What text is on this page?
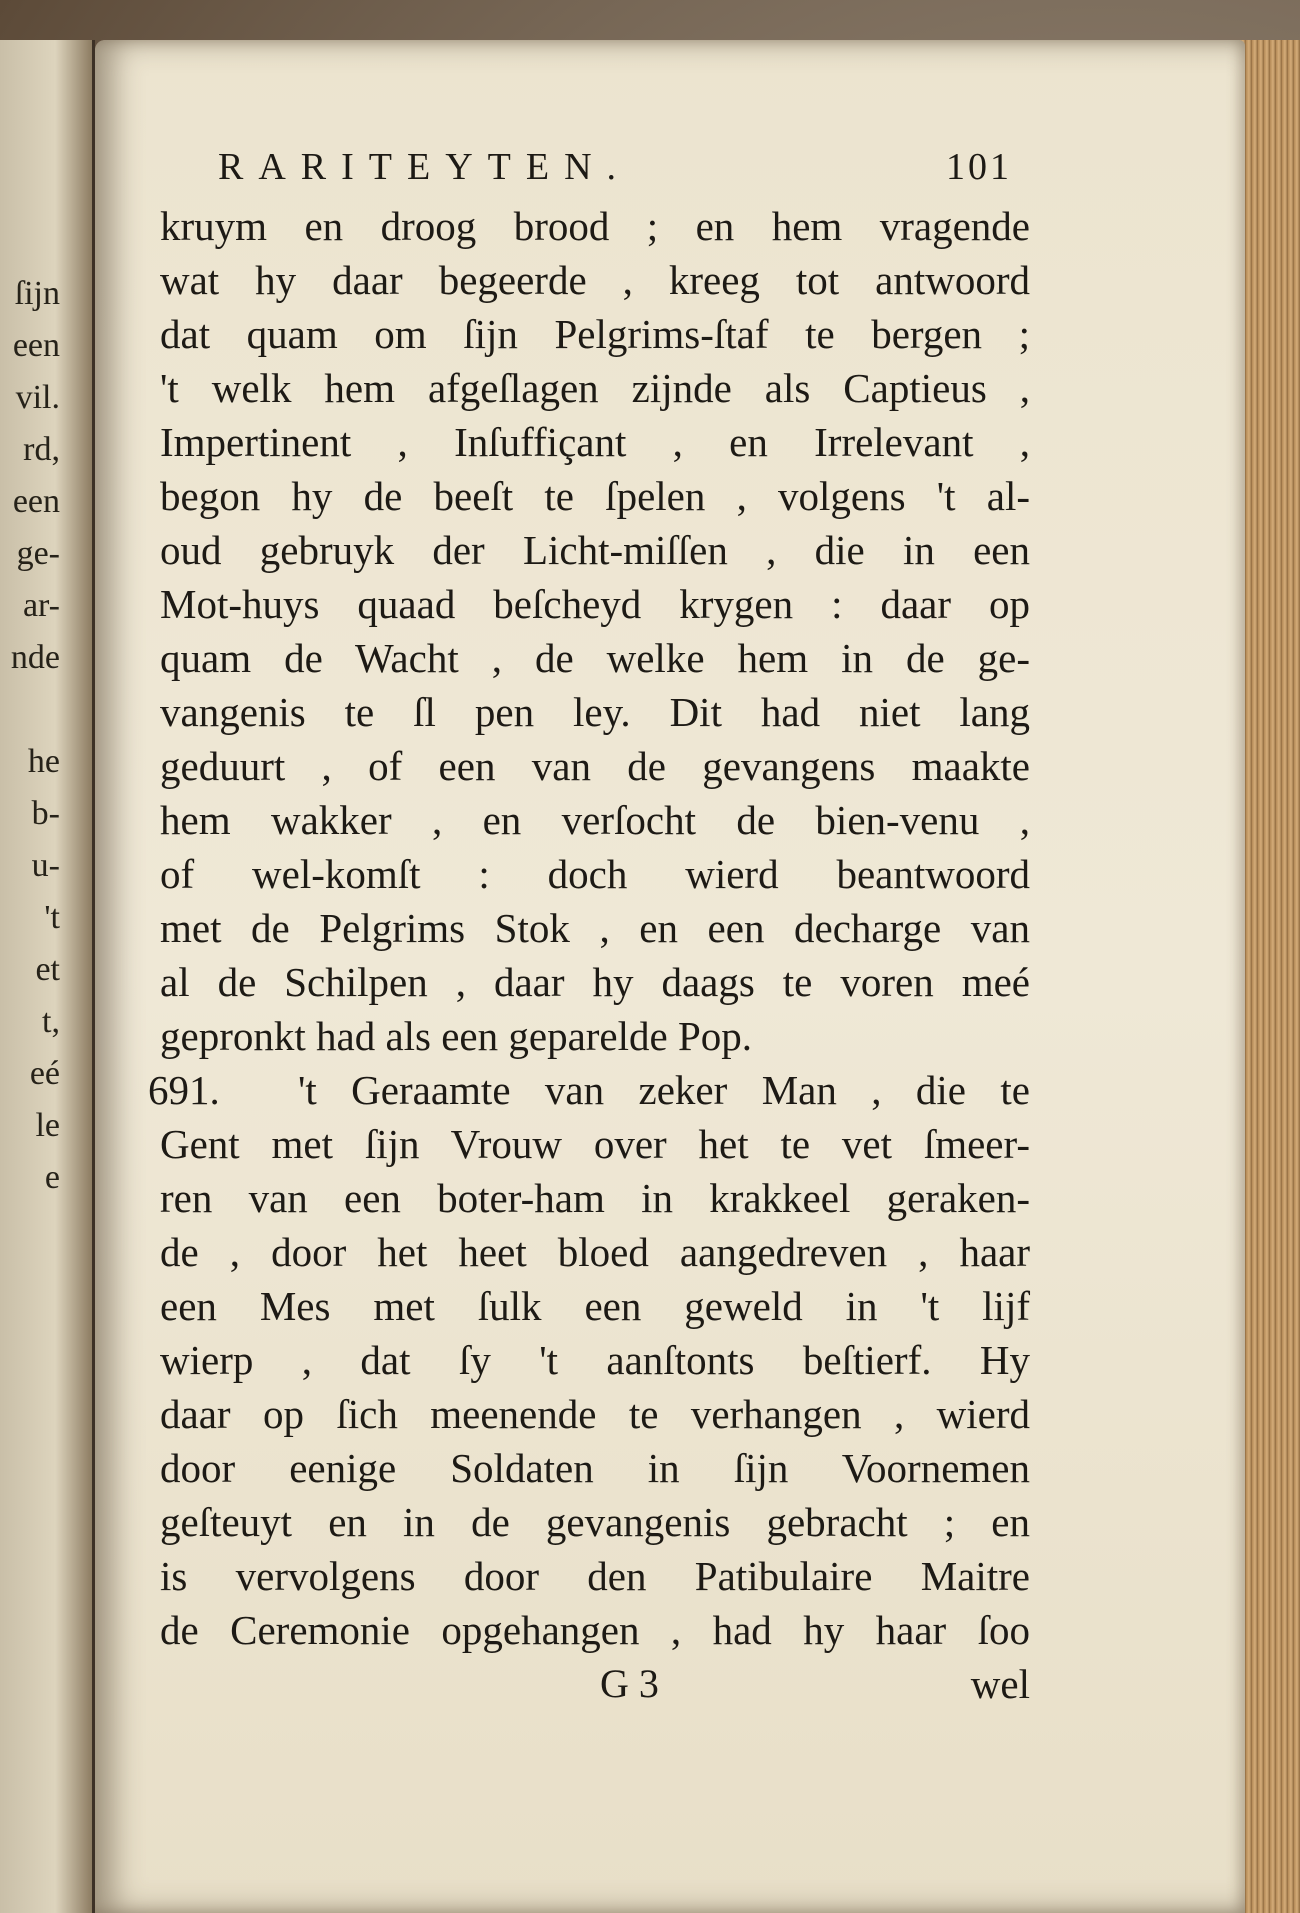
ſijn
een
vil.
rd,
een
ge-
ar-
nde
he
b-
u-
't
et
t,
eé
le
e
RARITEYTEN.	101
kruym en droog brood ; en hem vragende
wat hy daar begeerde , kreeg tot antwoord
dat quam om ſijn Pelgrims-ſtaf te bergen ;
't welk hem afgeſlagen zijnde als Captieus ,
Impertinent , Inſuffiçant , en Irrelevant ,
begon hy de beeſt te ſpelen , volgens 't al-
oud gebruyk der Licht-miſſen , die in een
Mot-huys quaad beſcheyd krygen : daar op
quam de Wacht , de welke hem in de ge-
vangenis te ſl pen ley. Dit had niet lang
geduurt , of een van de gevangens maakte
hem wakker , en verſocht de bien-venu ,
of wel-komſt : doch wierd beantwoord
met de Pelgrims Stok , en een decharge van
al de Schilpen , daar hy daags te voren meé
gepronkt had als een geparelde Pop.
691.	't Geraamte van zeker Man , die te
Gent met ſijn Vrouw over het te vet ſmeer-
ren van een boter-ham in krakkeel geraken-
de , door het heet bloed aangedreven , haar
een Mes met ſulk een geweld in 't lijf
wierp , dat ſy 't aanſtonts beſtierf. Hy
daar op ſich meenende te verhangen , wierd
door eenige Soldaten in ſijn Voornemen
geſteuyt en in de gevangenis gebracht ; en
is vervolgens door den Patibulaire Maitre
de Ceremonie opgehangen , had hy haar ſoo
G 3	wel
